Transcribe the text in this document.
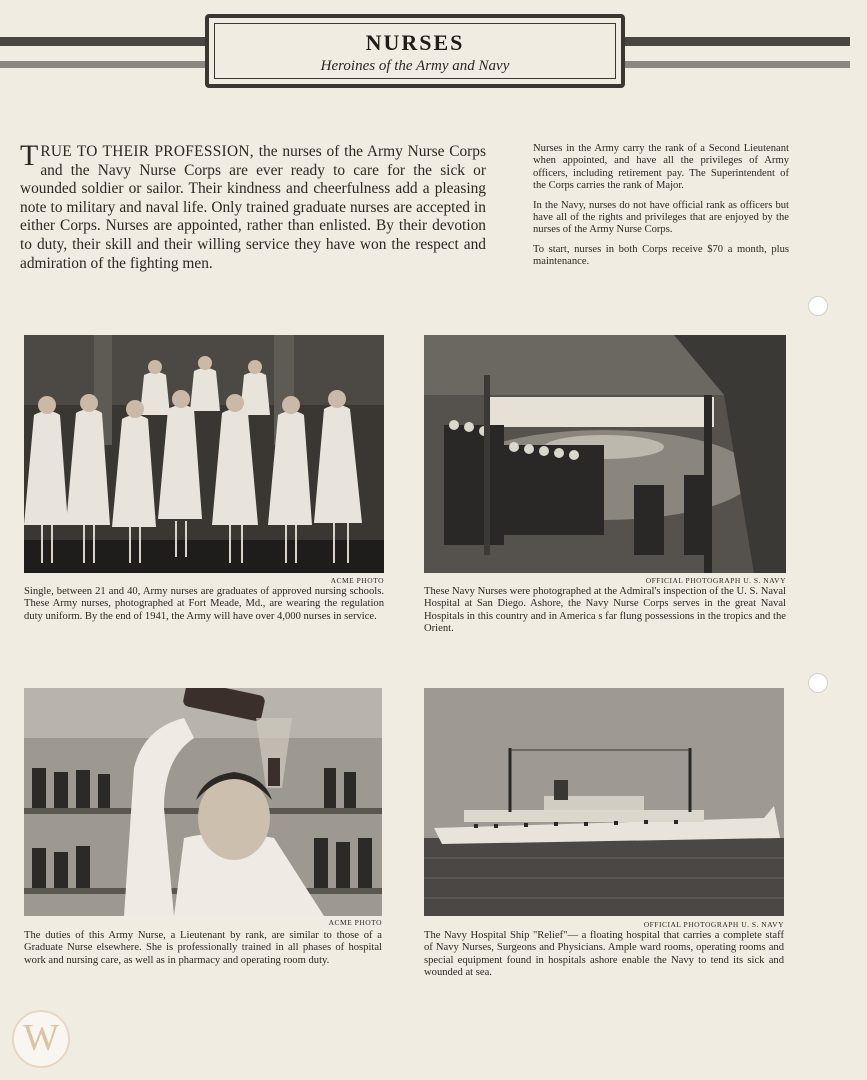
NURSES
Heroines of the Army and Navy
TRUE TO THEIR PROFESSION, the nurses of the Army Nurse Corps and the Navy Nurse Corps are ever ready to care for the sick or wounded soldier or sailor. Their kindness and cheerfulness add a pleasing note to military and naval life. Only trained graduate nurses are accepted in either Corps. Nurses are appointed, rather than enlisted. By their devotion to duty, their skill and their willing service they have won the respect and admiration of the fighting men.

Nurses in the Army carry the rank of a Second Lieutenant when appointed, and have all the privileges of Army officers, including retirement pay. The Superintendent of the Corps carries the rank of Major.

In the Navy, nurses do not have official rank as officers but have all of the rights and privileges that are enjoyed by the nurses of the Army Nurse Corps.

To start, nurses in both Corps receive $70 a month, plus maintenance.

ACME PHOTO
Single, between 21 and 40, Army nurses are graduates of approved nursing schools. These Army nurses, photographed at Fort Meade, Md., are wearing the regulation duty uniform. By the end of 1941, the Army will have over 4,000 nurses in service.
OFFICIAL PHOTOGRAPH U. S. NAVY
These Navy Nurses were photographed at the Admiral's inspection of the U. S. Naval Hospital at San Diego. Ashore, the Navy Nurse Corps serves in the great Naval Hospitals in this country and in America s far flung possessions in the tropics and the Orient.
ACME PHOTO
The duties of this Army Nurse, a Lieutenant by rank, are similar to those of a Graduate Nurse elsewhere. She is professionally trained in all phases of hospital work and nursing care, as well as in pharmacy and operating room duty.
OFFICIAL PHOTOGRAPH U. S. NAVY
The Navy Hospital Ship "Relief"— a floating hospital that carries a complete staff of Navy Nurses, Surgeons and Physicians. Ample ward rooms, operating rooms and special equipment found in hospitals ashore enable the Navy to tend its sick and wounded at sea.
W
